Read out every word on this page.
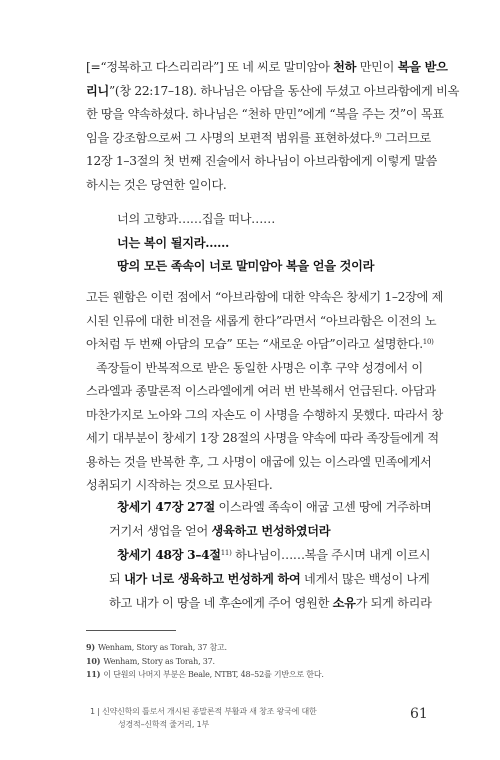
[=“정복하고 다스리리라”] 또 네 씨로 말미암아 천하 만민이 복을 받으
리니”(창 22:17–18). 하나님은 아담을 동산에 두셨고 아브라함에게 비옥
한 땅을 약속하셨다. 하나님은 “천하 만민”에게 “복을 주는 것”이 목표
임을 강조함으로써 그 사명의 보편적 범위를 표현하셨다.$^{9)}$ 그러므로
12장 1–3절의 첫 번째 진술에서 하나님이 아브라함에게 이렇게 말씀
하시는 것은 당연한 일이다.
너의 고향과……집을 떠나……
너는 복이 될지라……
땅의 모든 족속이 너로 말미암아 복을 얻을 것이라
고든 웬함은 이런 점에서 “아브라함에 대한 약속은 창세기 1–2장에 제
시된 인류에 대한 비전을 새롭게 한다”라면서 “아브라함은 이전의 노
아처럼 두 번째 아담의 모습” 또는 “새로운 아담”이라고 설명한다.$^{10)}$
족장들이 반복적으로 받은 동일한 사명은 이후 구약 성경에서 이
스라엘과 종말론적 이스라엘에게 여러 번 반복해서 언급된다. 아담과
마찬가지로 노아와 그의 자손도 이 사명을 수행하지 못했다. 따라서 창
세기 대부분이 창세기 1장 28절의 사명을 약속에 따라 족장들에게 적
용하는 것을 반복한 후, 그 사명이 애굽에 있는 이스라엘 민족에게서
성취되기 시작하는 것으로 묘사된다.
창세기 47장 27절 이스라엘 족속이 애굽 고센 땅에 거주하며
거기서 생업을 얻어 생육하고 번성하였더라
창세기 48장 3–4절$^{11)}$ 하나님이……복을 주시며 내게 이르시
되 내가 너로 생육하고 번성하게 하여 네게서 많은 백성이 나게
하고 내가 이 땅을 네 후손에게 주어 영원한 소유가 되게 하리라
9) Wenham, Story as Torah, 37 참고.
10) Wenham, Story as Torah, 37.
11) 이 단원의 나머지 부분은 Beale, NTBT, 48–52를 기반으로 한다.
1 | 신약신학의 틀로서 개시된 종말론적 부활과 새 창조 왕국에 대한
성경적–신학적 줄거리, 1부
61
